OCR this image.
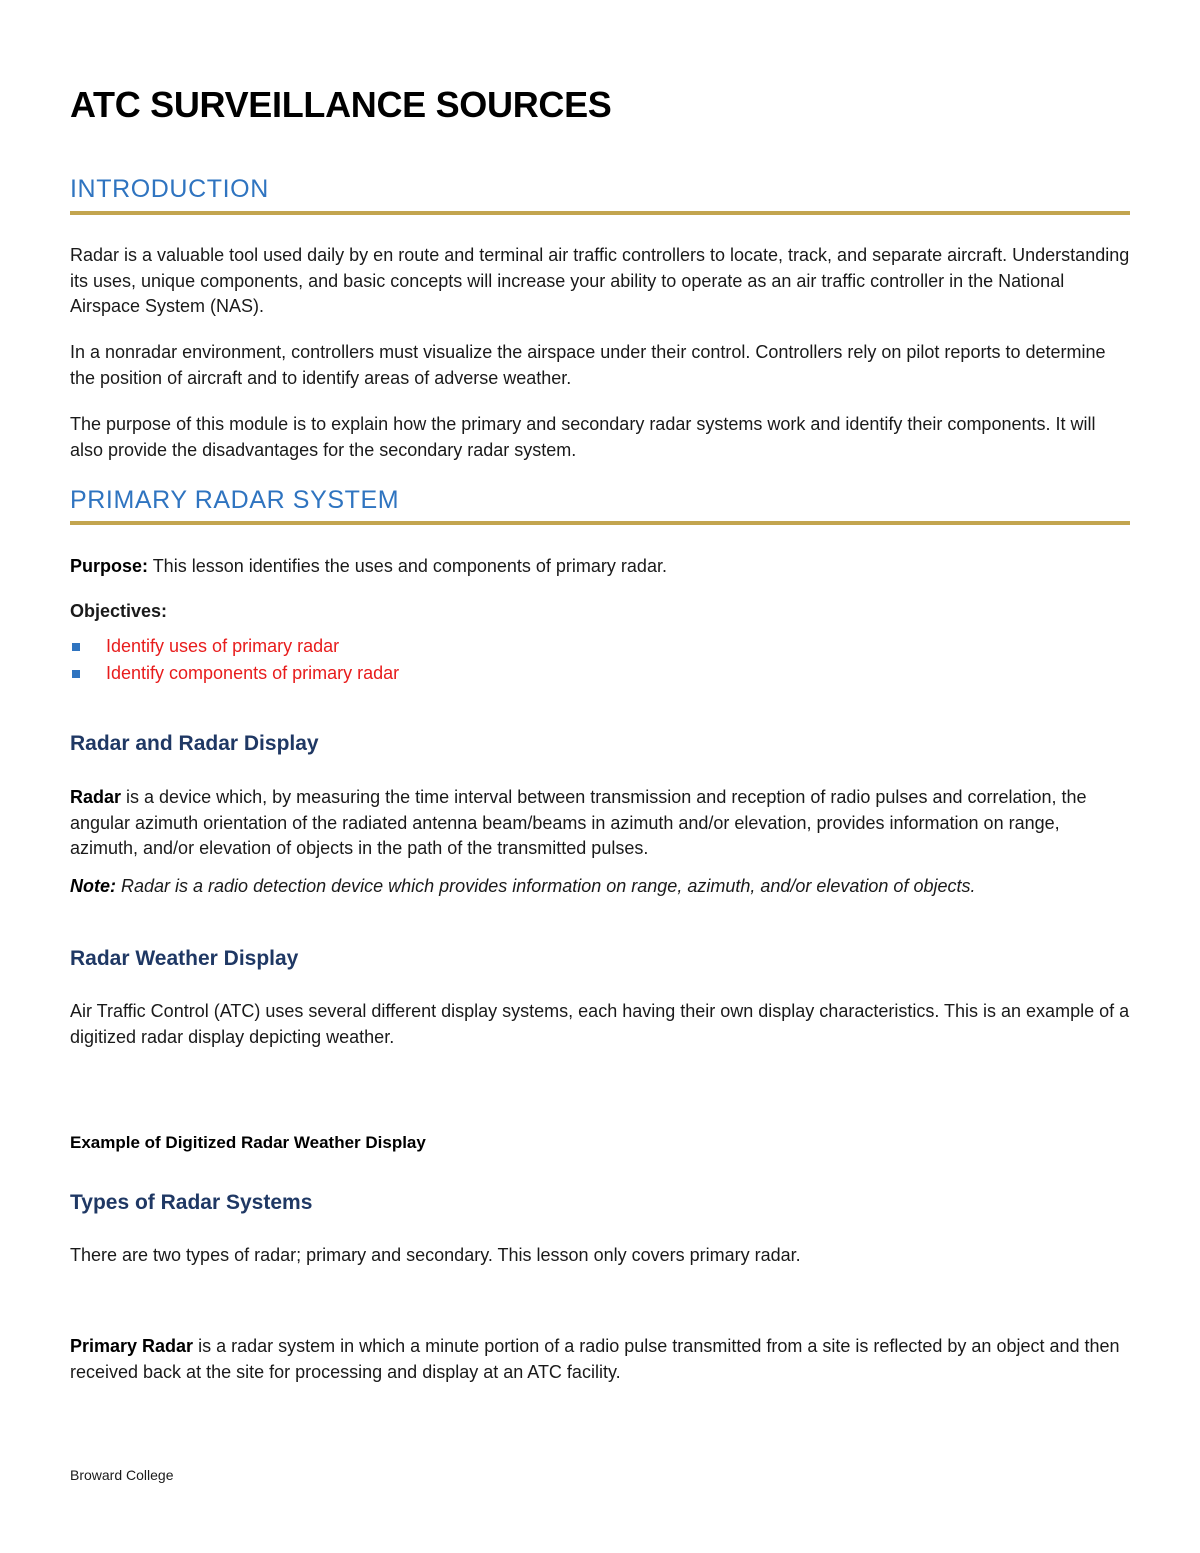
ATC SURVEILLANCE SOURCES
INTRODUCTION

Radar is a valuable tool used daily by en route and terminal air traffic controllers to locate, track, and separate aircraft. Understanding its uses, unique components, and basic concepts will increase your ability to operate as an air traffic controller in the National Airspace System (NAS).

In a nonradar environment, controllers must visualize the airspace under their control. Controllers rely on pilot reports to determine the position of aircraft and to identify areas of adverse weather.

The purpose of this module is to explain how the primary and secondary radar systems work and identify their components. It will also provide the disadvantages for the secondary radar system.

PRIMARY RADAR SYSTEM

Purpose: This lesson identifies the uses and components of primary radar.

Objectives:

Identify uses of primary radar
Identify components of primary radar
Radar and Radar Display

Radar is a device which, by measuring the time interval between transmission and reception of radio pulses and correlation, the angular azimuth orientation of the radiated antenna beam/beams in azimuth and/or elevation, provides information on range, azimuth, and/or elevation of objects in the path of the transmitted pulses.

Note: Radar is a radio detection device which provides information on range, azimuth, and/or elevation of objects.

Radar Weather Display

Air Traffic Control (ATC) uses several different display systems, each having their own display characteristics. This is an example of a digitized radar display depicting weather.

Example of Digitized Radar Weather Display

Types of Radar Systems

There are two types of radar; primary and secondary. This lesson only covers primary radar.

Primary Radar is a radar system in which a minute portion of a radio pulse transmitted from a site is reflected by an object and then received back at the site for processing and display at an ATC facility.

Broward College
